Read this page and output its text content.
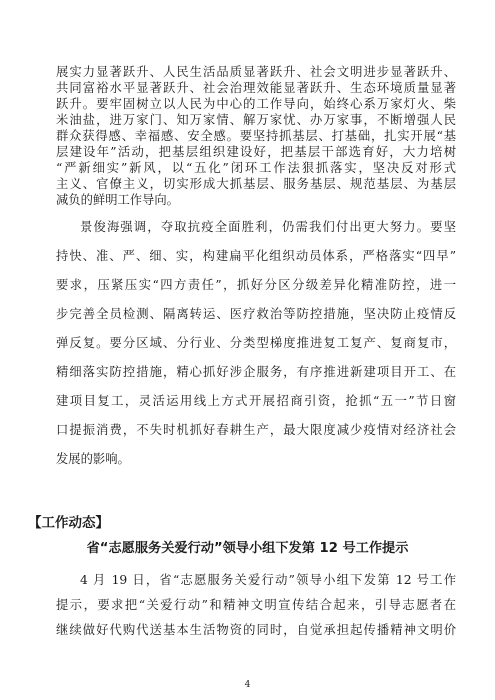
展实力显著跃升、人民生活品质显著跃升、社会文明进步显著跃升、
共同富裕水平显著跃升、社会治理效能显著跃升、生态环境质量显著
跃升。要牢固树立以人民为中心的工作导向，始终心系万家灯火、柴
米油盐，进万家门、知万家情、解万家忧、办万家事，不断增强人民
群众获得感、幸福感、安全感。要坚持抓基层、打基础，扎实开展“基
层建设年”活动，把基层组织建设好，把基层干部选育好，大力培树
“严新细实”新风，以“五化”闭环工作法狠抓落实，坚决反对形式
主义、官僚主义，切实形成大抓基层、服务基层、规范基层、为基层
减负的鲜明工作导向。
景俊海强调，夺取抗疫全面胜利，仍需我们付出更大努力。要坚
持快、准、严、细、实，构建扁平化组织动员体系，严格落实“四早”
要求，压紧压实“四方责任”，抓好分区分级差异化精准防控，进一
步完善全员检测、隔离转运、医疗救治等防控措施，坚决防止疫情反
弹反复。要分区域、分行业、分类型梯度推进复工复产、复商复市，
精细落实防控措施，精心抓好涉企服务，有序推进新建项目开工、在
建项目复工，灵活运用线上方式开展招商引资，抢抓“五一”节日窗
口提振消费，不失时机抓好春耕生产，最大限度减少疫情对经济社会
发展的影响。
【工作动态】
省“志愿服务关爱行动”领导小组下发第 12 号工作提示
4 月 19 日，省“志愿服务关爱行动”领导小组下发第 12 号工作
提示，要求把“关爱行动”和精神文明宣传结合起来，引导志愿者在
继续做好代购代送基本生活物资的同时，自觉承担起传播精神文明价
4
